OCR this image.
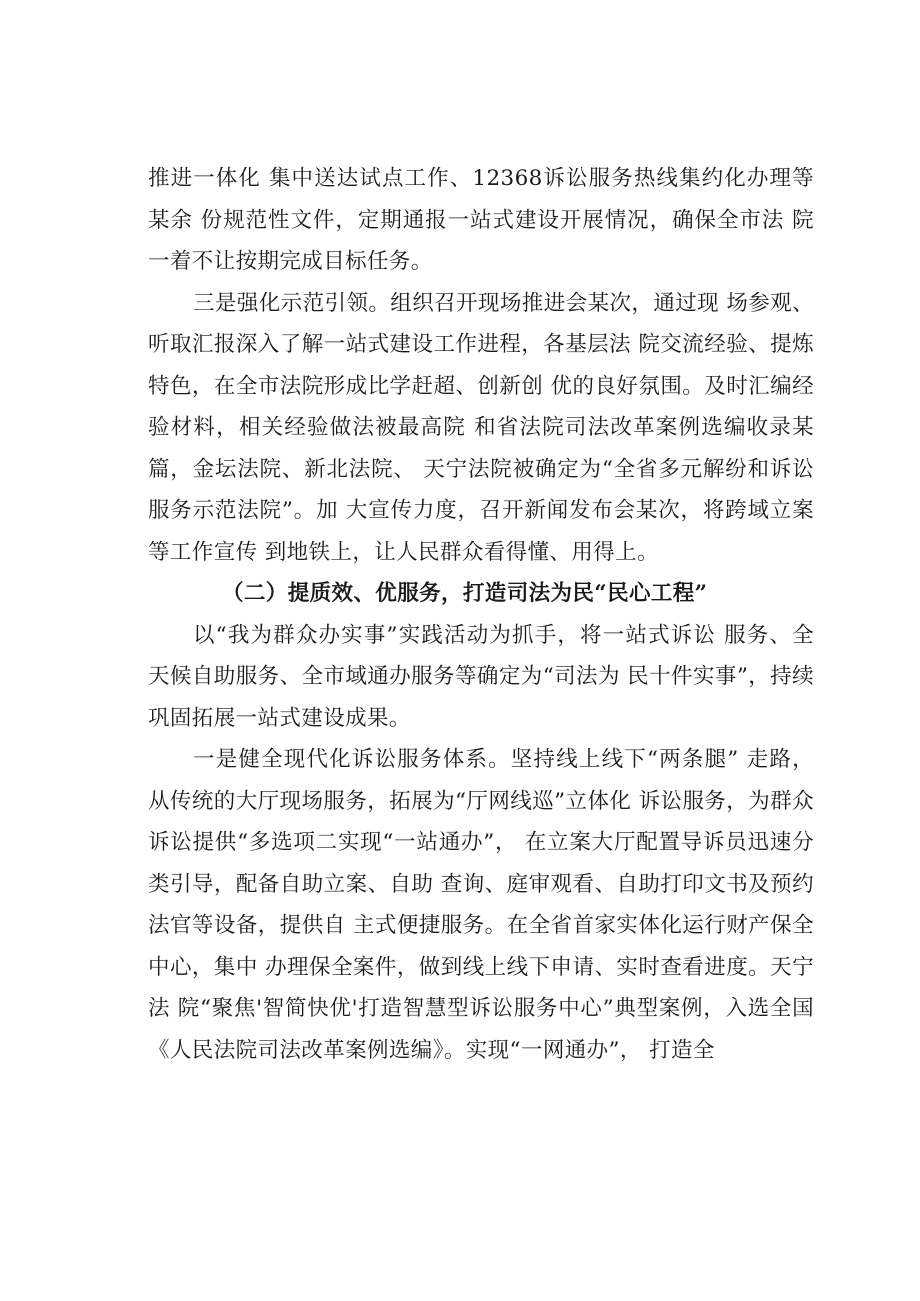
推进一体化 集中送达试点工作、12368诉讼服务热线集约化办理等某余 份规范性文件，定期通报一站式建设开展情况，确保全市法 院一着不让按期完成目标任务。

三是强化示范引领。组织召开现场推进会某次，通过现 场参观、听取汇报深入了解一站式建设工作进程，各基层法 院交流经验、提炼特色，在全市法院形成比学赶超、创新创 优的良好氛围。及时汇编经验材料，相关经验做法被最高院 和省法院司法改革案例选编收录某篇，金坛法院、新北法院、 天宁法院被确定为“全省多元解纷和诉讼服务示范法院”。加 大宣传力度，召开新闻发布会某次，将跨域立案等工作宣传 到地铁上，让人民群众看得懂、用得上。

（二）提质效、优服务，打造司法为民“民心工程”

以“我为群众办实事”实践活动为抓手，将一站式诉讼 服务、全天候自助服务、全市域通办服务等确定为“司法为 民十件实事”，持续巩固拓展一站式建设成果。

一是健全现代化诉讼服务体系。坚持线上线下“两条腿” 走路，从传统的大厅现场服务，拓展为“厅网线巡”立体化 诉讼服务，为群众诉讼提供“多选项二实现“一站通办”， 在立案大厅配置导诉员迅速分类引导，配备自助立案、自助 查询、庭审观看、自助打印文书及预约法官等设备，提供自 主式便捷服务。在全省首家实体化运行财产保全中心，集中 办理保全案件，做到线上线下申请、实时查看进度。天宁法 院“聚焦'智简快优'打造智慧型诉讼服务中心”典型案例，入选全国《人民法院司法改革案例选编》。实现“一网通办”， 打造全
